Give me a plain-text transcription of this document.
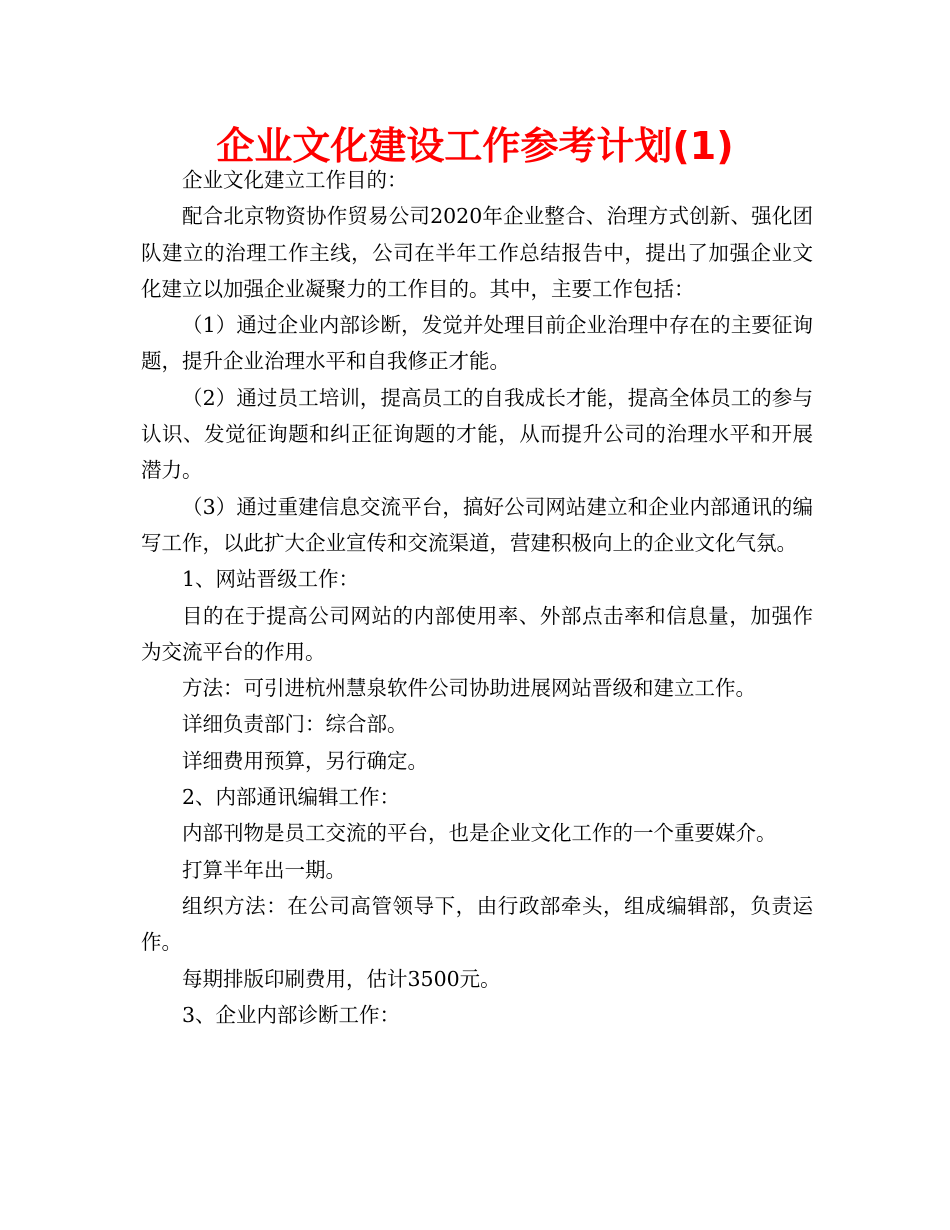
企业文化建设工作参考计划(1)

企业文化建立工作目的：

配合北京物资协作贸易公司2020年企业整合、治理方式创新、强化团队建立的治理工作主线，公司在半年工作总结报告中，提出了加强企业文化建立以加强企业凝聚力的工作目的。其中，主要工作包括：

（1）通过企业内部诊断，发觉并处理目前企业治理中存在的主要征询题，提升企业治理水平和自我修正才能。

（2）通过员工培训，提高员工的自我成长才能，提高全体员工的参与认识、发觉征询题和纠正征询题的才能，从而提升公司的治理水平和开展潜力。

（3）通过重建信息交流平台，搞好公司网站建立和企业内部通讯的编写工作，以此扩大企业宣传和交流渠道，营建积极向上的企业文化气氛。

1、网站晋级工作：

目的在于提高公司网站的内部使用率、外部点击率和信息量，加强作为交流平台的作用。

方法：可引进杭州慧泉软件公司协助进展网站晋级和建立工作。

详细负责部门：综合部。

详细费用预算，另行确定。

2、内部通讯编辑工作：

内部刊物是员工交流的平台，也是企业文化工作的一个重要媒介。

打算半年出一期。

组织方法：在公司高管领导下，由行政部牵头，组成编辑部，负责运作。

每期排版印刷费用，估计3500元。

3、企业内部诊断工作：
